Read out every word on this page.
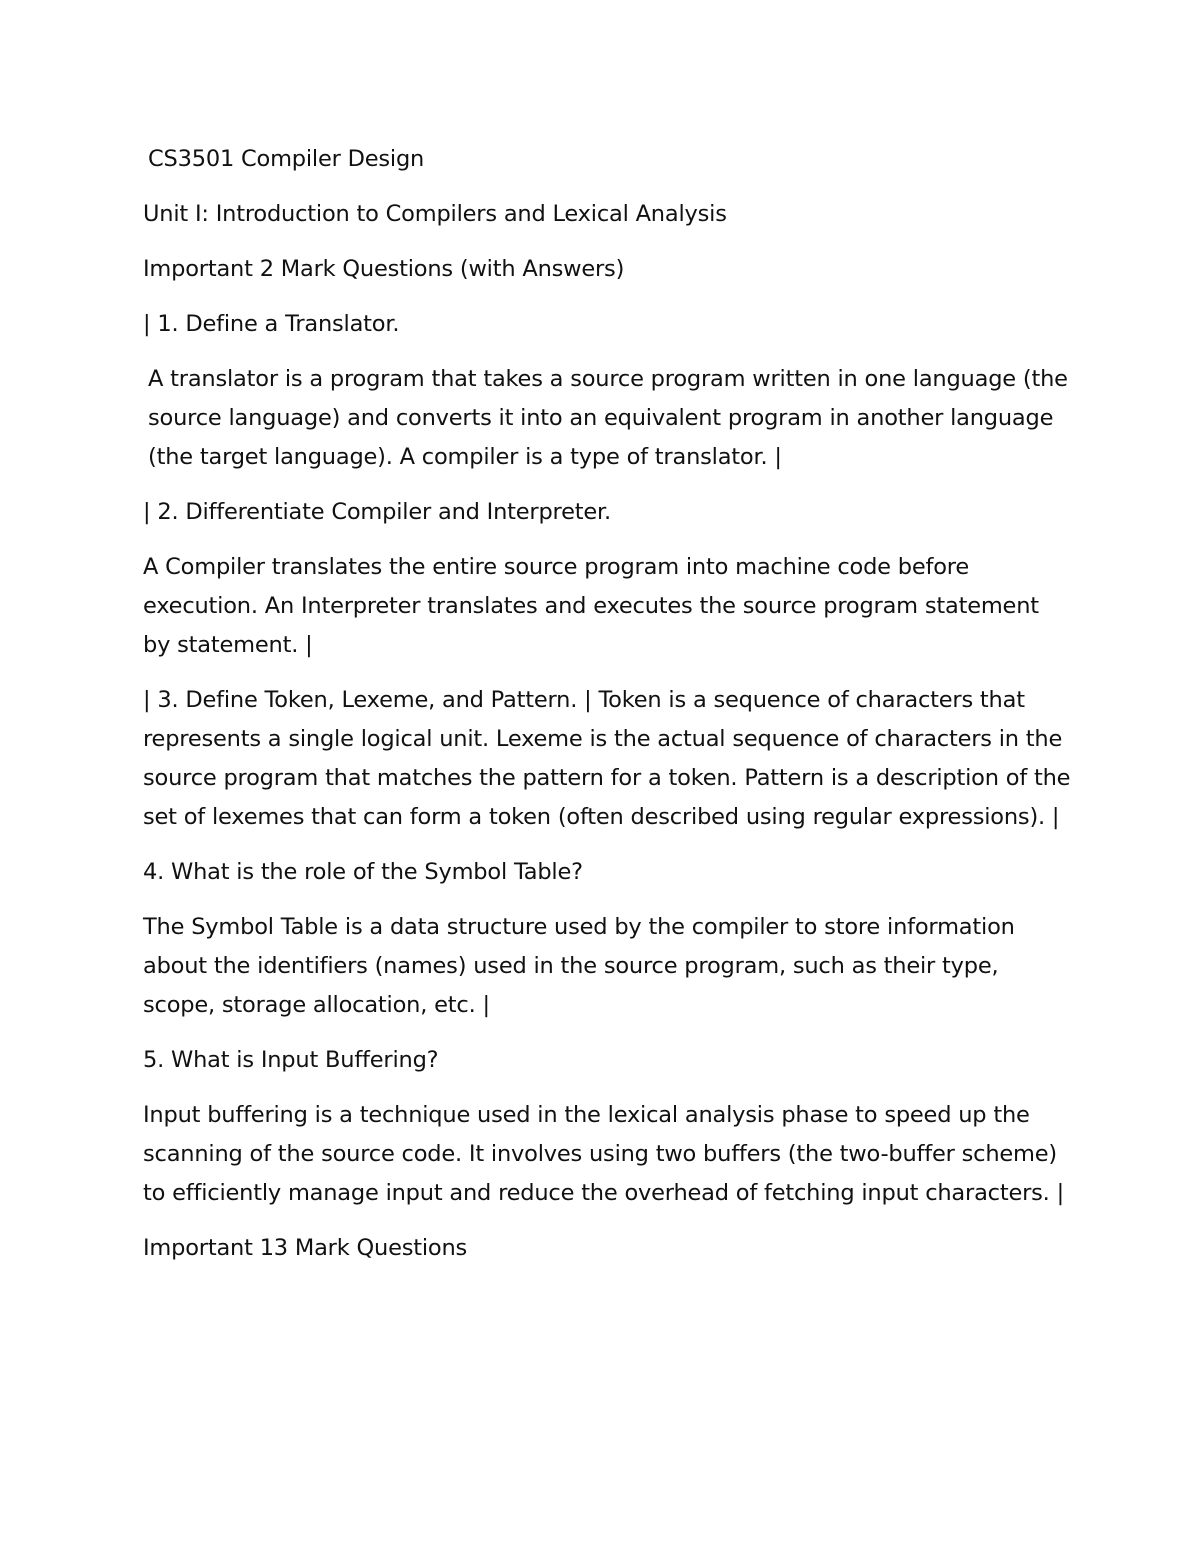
CS3501 Compiler Design

Unit I: Introduction to Compilers and Lexical Analysis

Important 2 Mark Questions (with Answers)

| 1. Define a Translator.

A translator is a program that takes a source program written in one language (the source language) and converts it into an equivalent program in another language (the target language). A compiler is a type of translator. |

| 2. Differentiate Compiler and Interpreter.

A Compiler translates the entire source program into machine code before execution. An Interpreter translates and executes the source program statement by statement. |

| 3. Define Token, Lexeme, and Pattern. | Token is a sequence of characters that represents a single logical unit. Lexeme is the actual sequence of characters in the source program that matches the pattern for a token. Pattern is a description of the set of lexemes that can form a token (often described using regular expressions). |

4. What is the role of the Symbol Table?

The Symbol Table is a data structure used by the compiler to store information about the identifiers (names) used in the source program, such as their type, scope, storage allocation, etc. |

5. What is Input Buffering?

Input buffering is a technique used in the lexical analysis phase to speed up the scanning of the source code. It involves using two buffers (the two-buffer scheme) to efficiently manage input and reduce the overhead of fetching input characters. |

Important 13 Mark Questions
